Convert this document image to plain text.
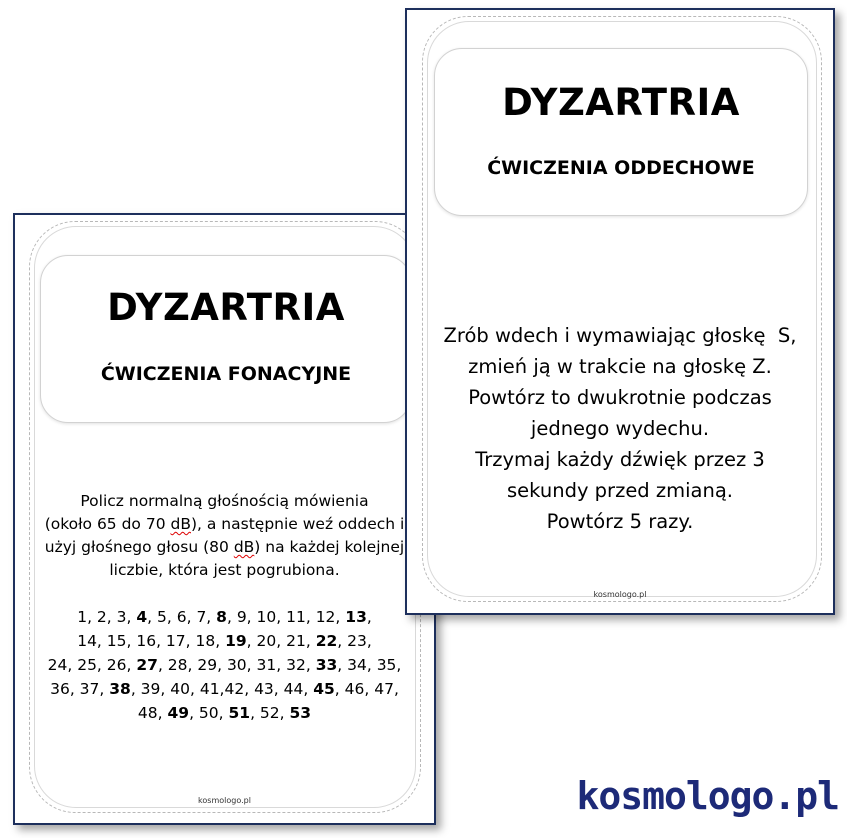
DYZARTRIA
ĆWICZENIA FONACYJNE
Policz normalną głośnością mówienia
(około 65 do 70 dB), a następnie weź oddech i
użyj głośnego głosu (80 dB) na każdej kolejnej
liczbie, która jest pogrubiona.
1, 2, 3, 4, 5, 6, 7, 8, 9, 10, 11, 12, 13,
14, 15, 16, 17, 18, 19, 20, 21, 22, 23,
24, 25, 26, 27, 28, 29, 30, 31, 32, 33, 34, 35,
36, 37, 38, 39, 40, 41,42, 43, 44, 45, 46, 47,
48, 49, 50, 51, 52, 53
kosmologo.pl
DYZARTRIA
ĆWICZENIA ODDECHOWE
Zrób wdech i wymawiając głoskę  S,
zmień ją w trakcie na głoskę Z.
Powtórz to dwukrotnie podczas
jednego wydechu.
Trzymaj każdy dźwięk przez 3
sekundy przed zmianą.
Powtórz 5 razy.
kosmologo.pl
kosmologo.pl
